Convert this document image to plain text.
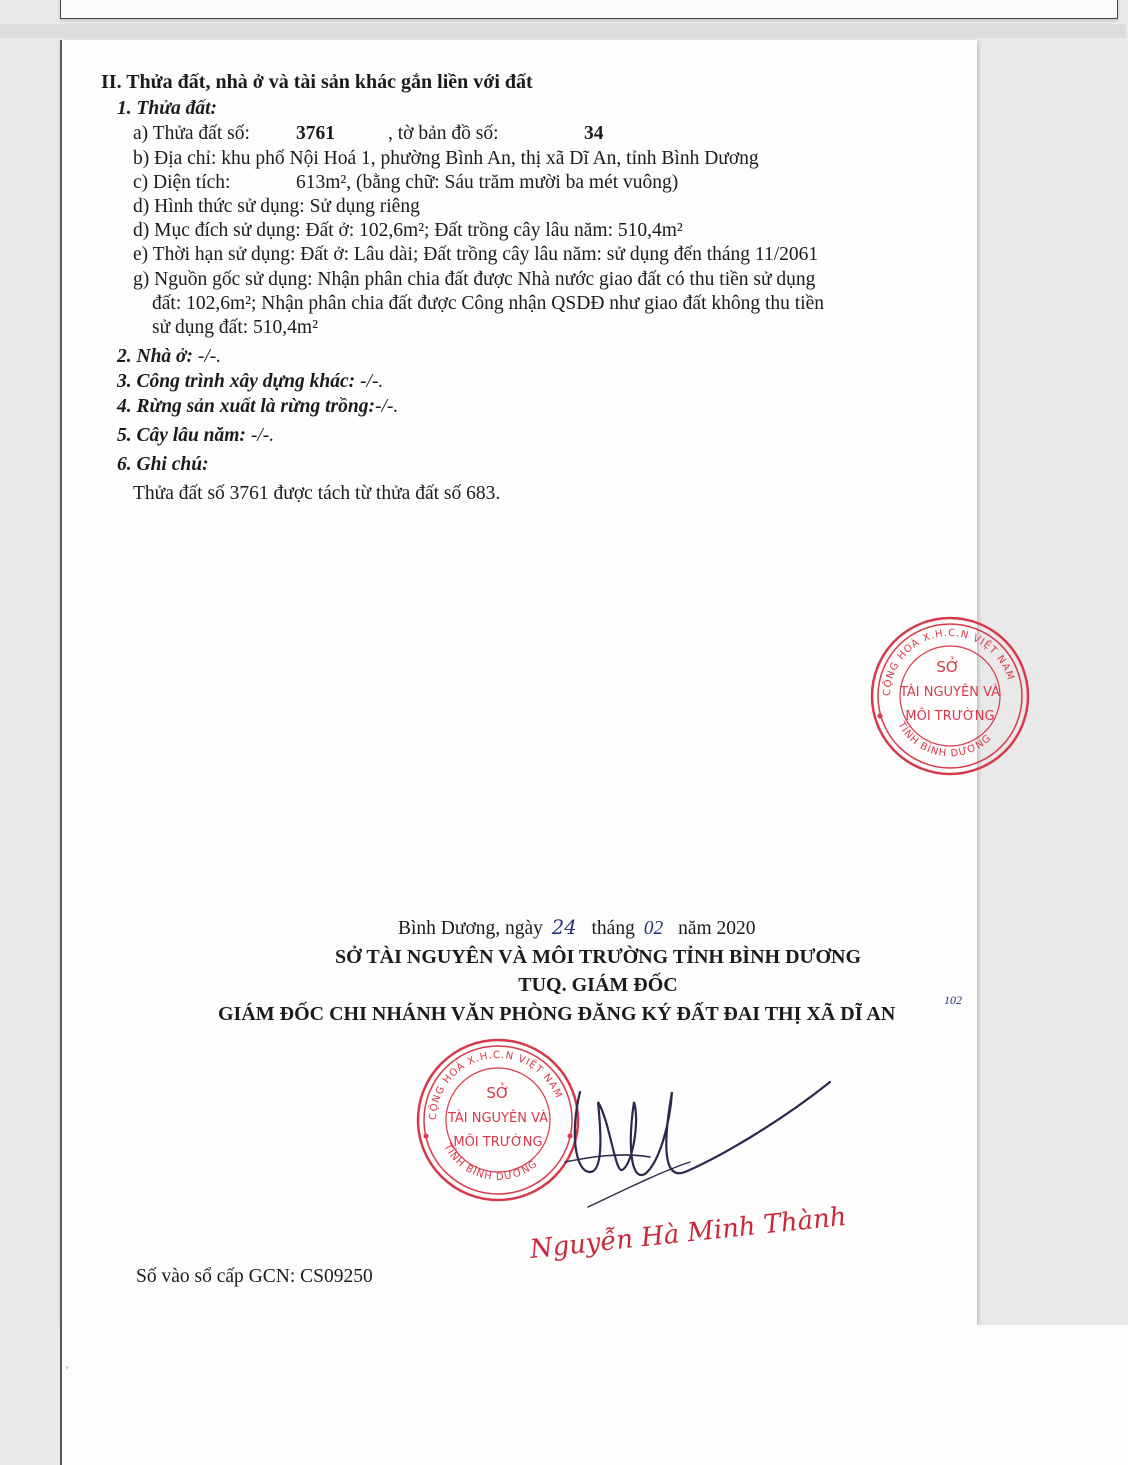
'
II. Thửa đất, nhà ở và tài sản khác gắn liền với đất
1. Thửa đất:
a) Thửa đất số: 3761	, tờ bản đồ số:	34
b) Địa chỉ: khu phố Nội Hoá 1, phường Bình An, thị xã Dĩ An, tỉnh Bình Dương
c) Diện tích:	613m², (bằng chữ: Sáu trăm mười ba mét vuông)
d) Hình thức sử dụng: Sử dụng riêng
d) Mục đích sử dụng: Đất ở: 102,6m²; Đất trồng cây lâu năm: 510,4m²
e) Thời hạn sử dụng: Đất ở: Lâu dài; Đất trồng cây lâu năm: sử dụng đến tháng 11/2061
g) Nguồn gốc sử dụng: Nhận phân chia đất được Nhà nước giao đất có thu tiền sử dụng
đất: 102,6m²; Nhận phân chia đất được Công nhận QSDĐ như giao đất không thu tiền
sử dụng đất: 510,4m²
2. Nhà ở: -/-.
3. Công trình xây dựng khác: -/-.
4. Rừng sản xuất là rừng trồng:-/-.
5. Cây lâu năm: -/-.
6. Ghi chú:
Thửa đất số 3761 được tách từ thửa đất số 683.
CỘNG HOÀ X.H.C.N VIỆT NAM
TỈNH BÌNH DƯƠNG
SỞ
TÀI NGUYÊN VÀ
MÔI TRƯỜNG
Bình Dương, ngày 24 tháng 02 năm 2020
SỞ TÀI NGUYÊN VÀ MÔI TRƯỜNG TỈNH BÌNH DƯƠNG
TUQ. GIÁM ĐỐC
GIÁM ĐỐC CHI NHÁNH VĂN PHÒNG ĐĂNG KÝ ĐẤT ĐAI THỊ XÃ DĨ AN
102
CỘNG HOÀ X.H.C.N VIỆT NAM
TỈNH BÌNH DƯƠNG
SỞ
TÀI NGUYÊN VÀ
MÔI TRƯỜNG
Nguyễn Hà Minh Thành
Số vào sổ cấp GCN: CS09250
